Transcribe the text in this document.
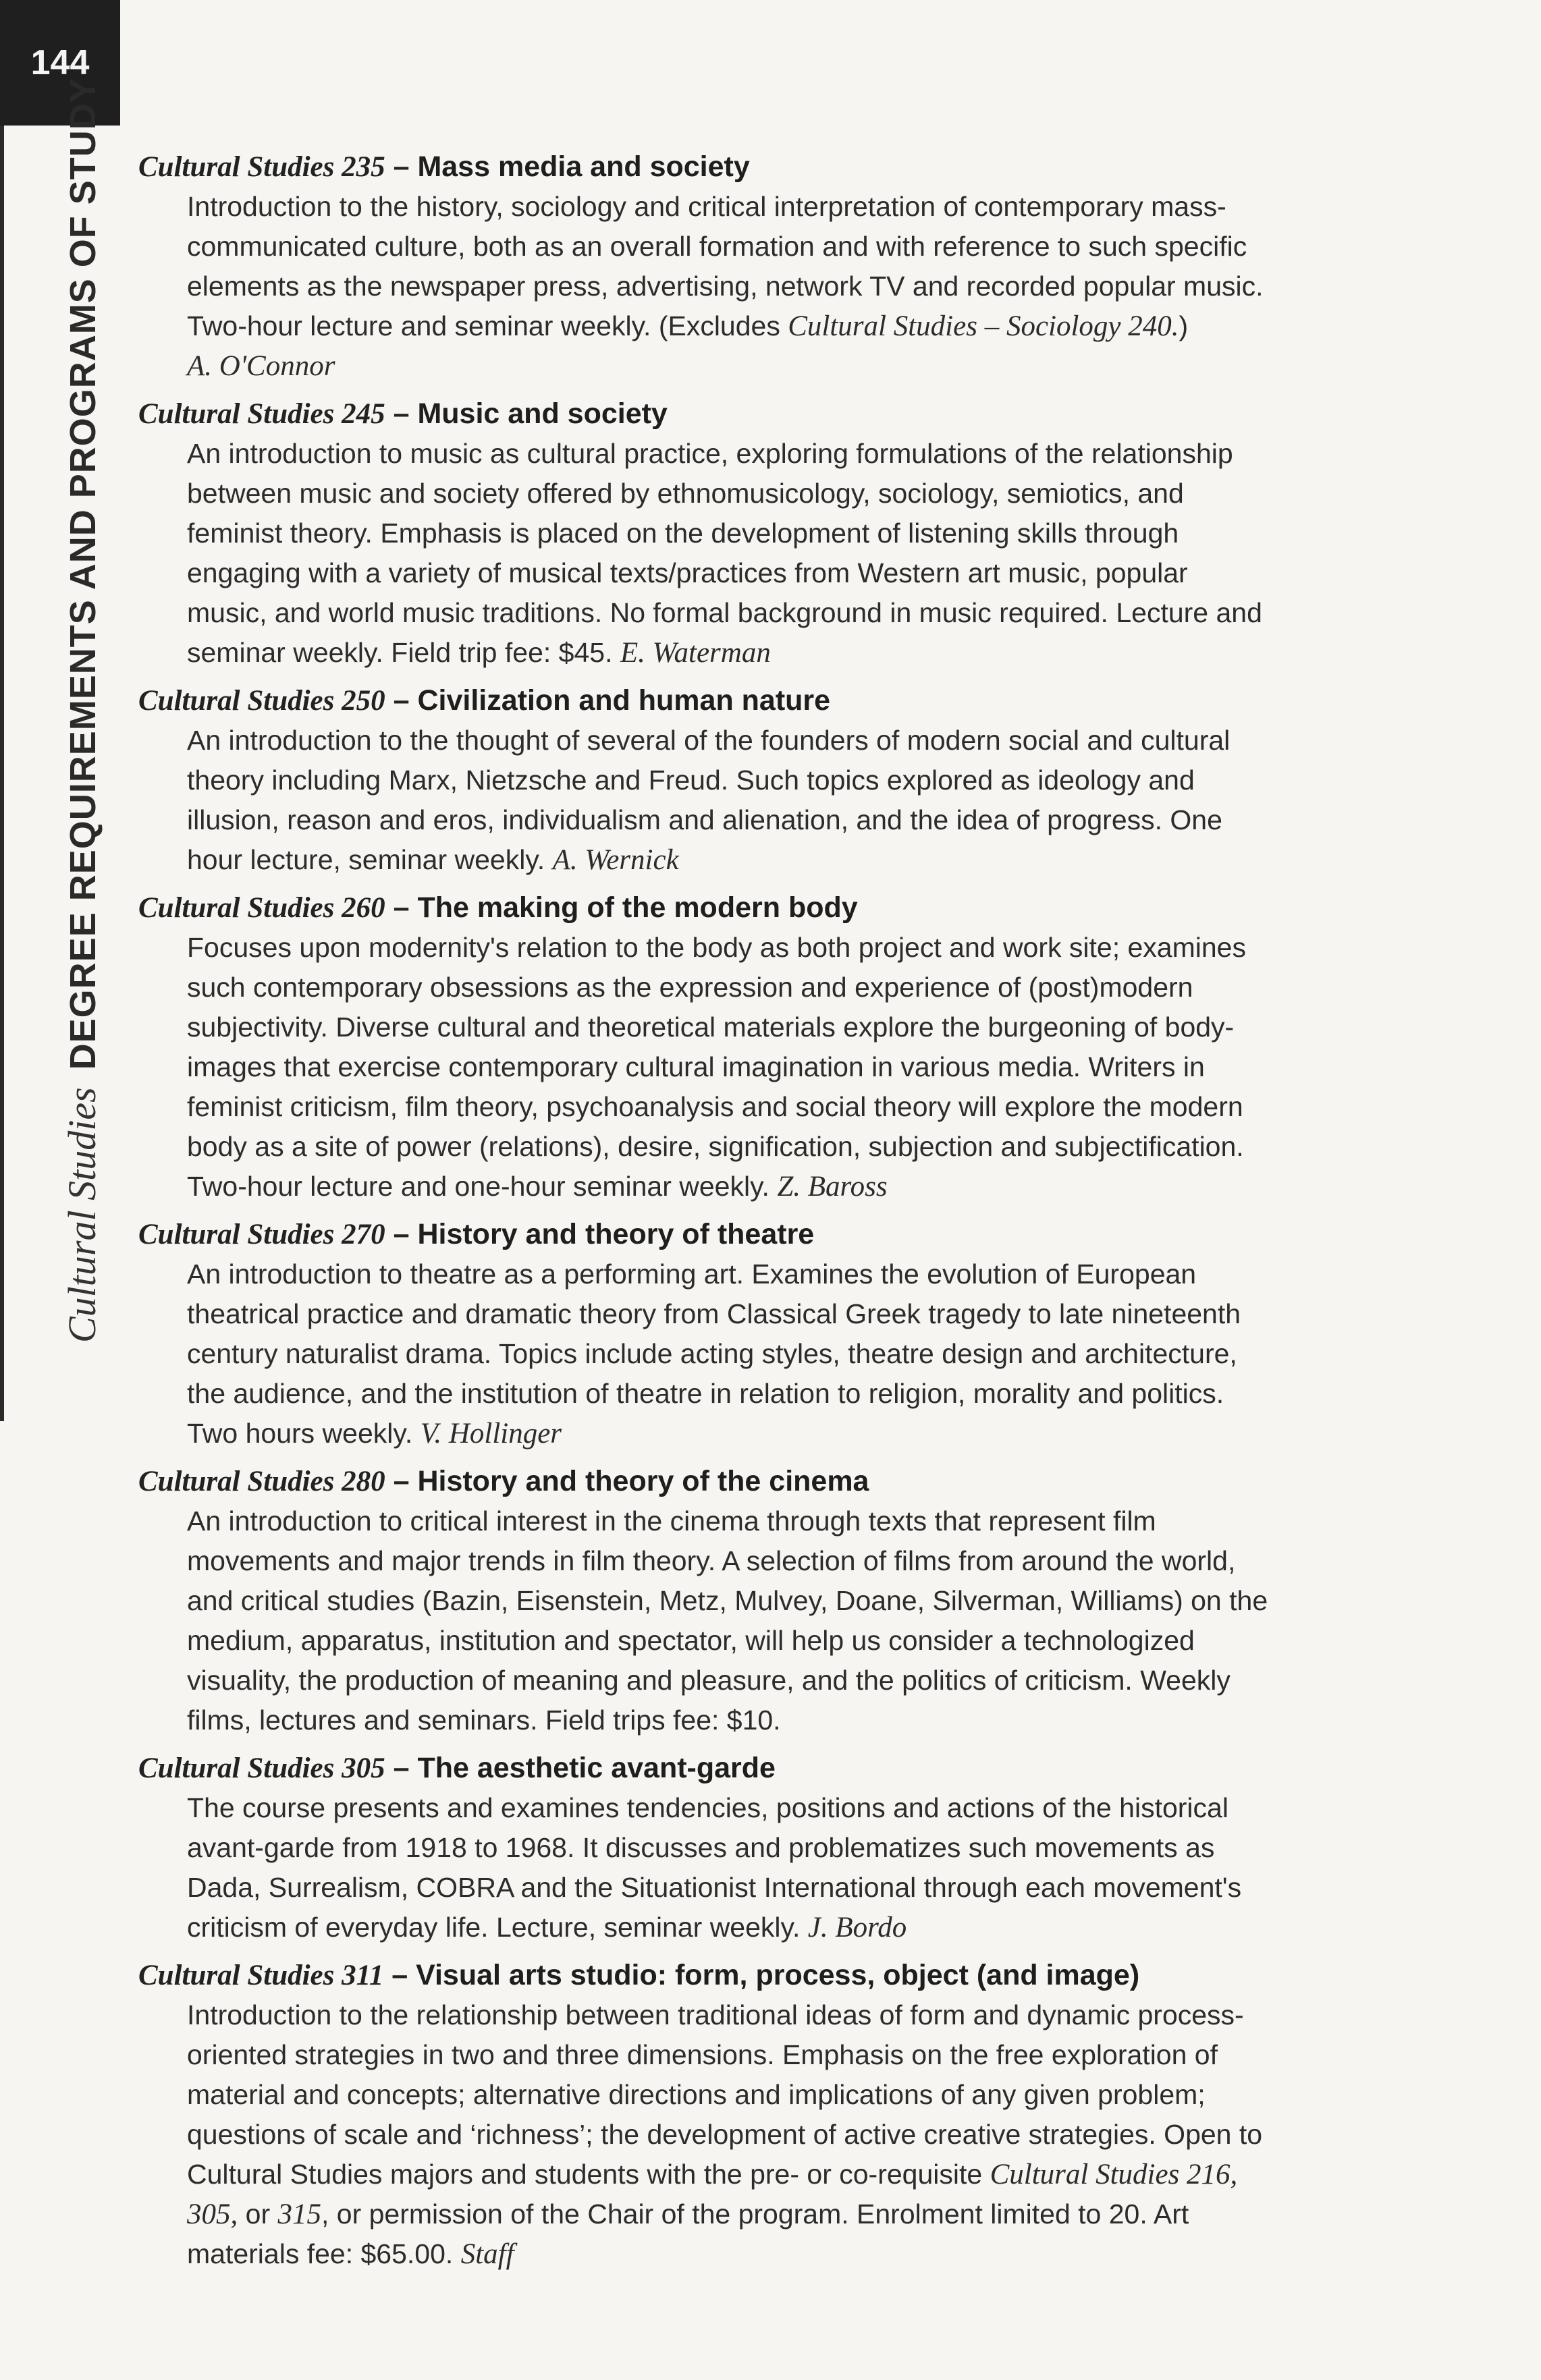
144
Cultural Studies
DEGREE REQUIREMENTS AND PROGRAMS OF STUDY Cultural Studies 235 – Mass media and society
Introduction to the history, sociology and critical interpretation of contemporary mass-
communicated culture, both as an overall formation and with reference to such specific
elements as the newspaper press, advertising, network TV and recorded popular music.
Two-hour lecture and seminar weekly. (Excludes Cultural Studies – Sociology 240.)
A. O'Connor
Cultural Studies 245 – Music and society
An introduction to music as cultural practice, exploring formulations of the relationship
between music and society offered by ethnomusicology, sociology, semiotics, and
feminist theory. Emphasis is placed on the development of listening skills through
engaging with a variety of musical texts/practices from Western art music, popular
music, and world music traditions. No formal background in music required. Lecture and
seminar weekly. Field trip fee: $45. E. Waterman
Cultural Studies 250 – Civilization and human nature
An introduction to the thought of several of the founders of modern social and cultural
theory including Marx, Nietzsche and Freud. Such topics explored as ideology and
illusion, reason and eros, individualism and alienation, and the idea of progress. One
hour lecture, seminar weekly. A. Wernick
Cultural Studies 260 – The making of the modern body
Focuses upon modernity's relation to the body as both project and work site; examines
such contemporary obsessions as the expression and experience of (post)modern
subjectivity. Diverse cultural and theoretical materials explore the burgeoning of body-
images that exercise contemporary cultural imagination in various media. Writers in
feminist criticism, film theory, psychoanalysis and social theory will explore the modern
body as a site of power (relations), desire, signification, subjection and subjectification.
Two-hour lecture and one-hour seminar weekly. Z. Baross
Cultural Studies 270 – History and theory of theatre
An introduction to theatre as a performing art. Examines the evolution of European
theatrical practice and dramatic theory from Classical Greek tragedy to late nineteenth
century naturalist drama. Topics include acting styles, theatre design and architecture,
the audience, and the institution of theatre in relation to religion, morality and politics.
Two hours weekly. V. Hollinger
Cultural Studies 280 – History and theory of the cinema
An introduction to critical interest in the cinema through texts that represent film
movements and major trends in film theory. A selection of films from around the world,
and critical studies (Bazin, Eisenstein, Metz, Mulvey, Doane, Silverman, Williams) on the
medium, apparatus, institution and spectator, will help us consider a technologized
visuality, the production of meaning and pleasure, and the politics of criticism. Weekly
films, lectures and seminars. Field trips fee: $10.
Cultural Studies 305 – The aesthetic avant-garde
The course presents and examines tendencies, positions and actions of the historical
avant-garde from 1918 to 1968. It discusses and problematizes such movements as
Dada, Surrealism, COBRA and the Situationist International through each movement's
criticism of everyday life. Lecture, seminar weekly. J. Bordo
Cultural Studies 311 – Visual arts studio: form, process, object (and image)
Introduction to the relationship between traditional ideas of form and dynamic process-
oriented strategies in two and three dimensions. Emphasis on the free exploration of
material and concepts; alternative directions and implications of any given problem;
questions of scale and ‘richness’; the development of active creative strategies. Open to
Cultural Studies majors and students with the pre- or co-requisite Cultural Studies 216,
305, or 315, or permission of the Chair of the program. Enrolment limited to 20. Art
materials fee: $65.00. Staff
